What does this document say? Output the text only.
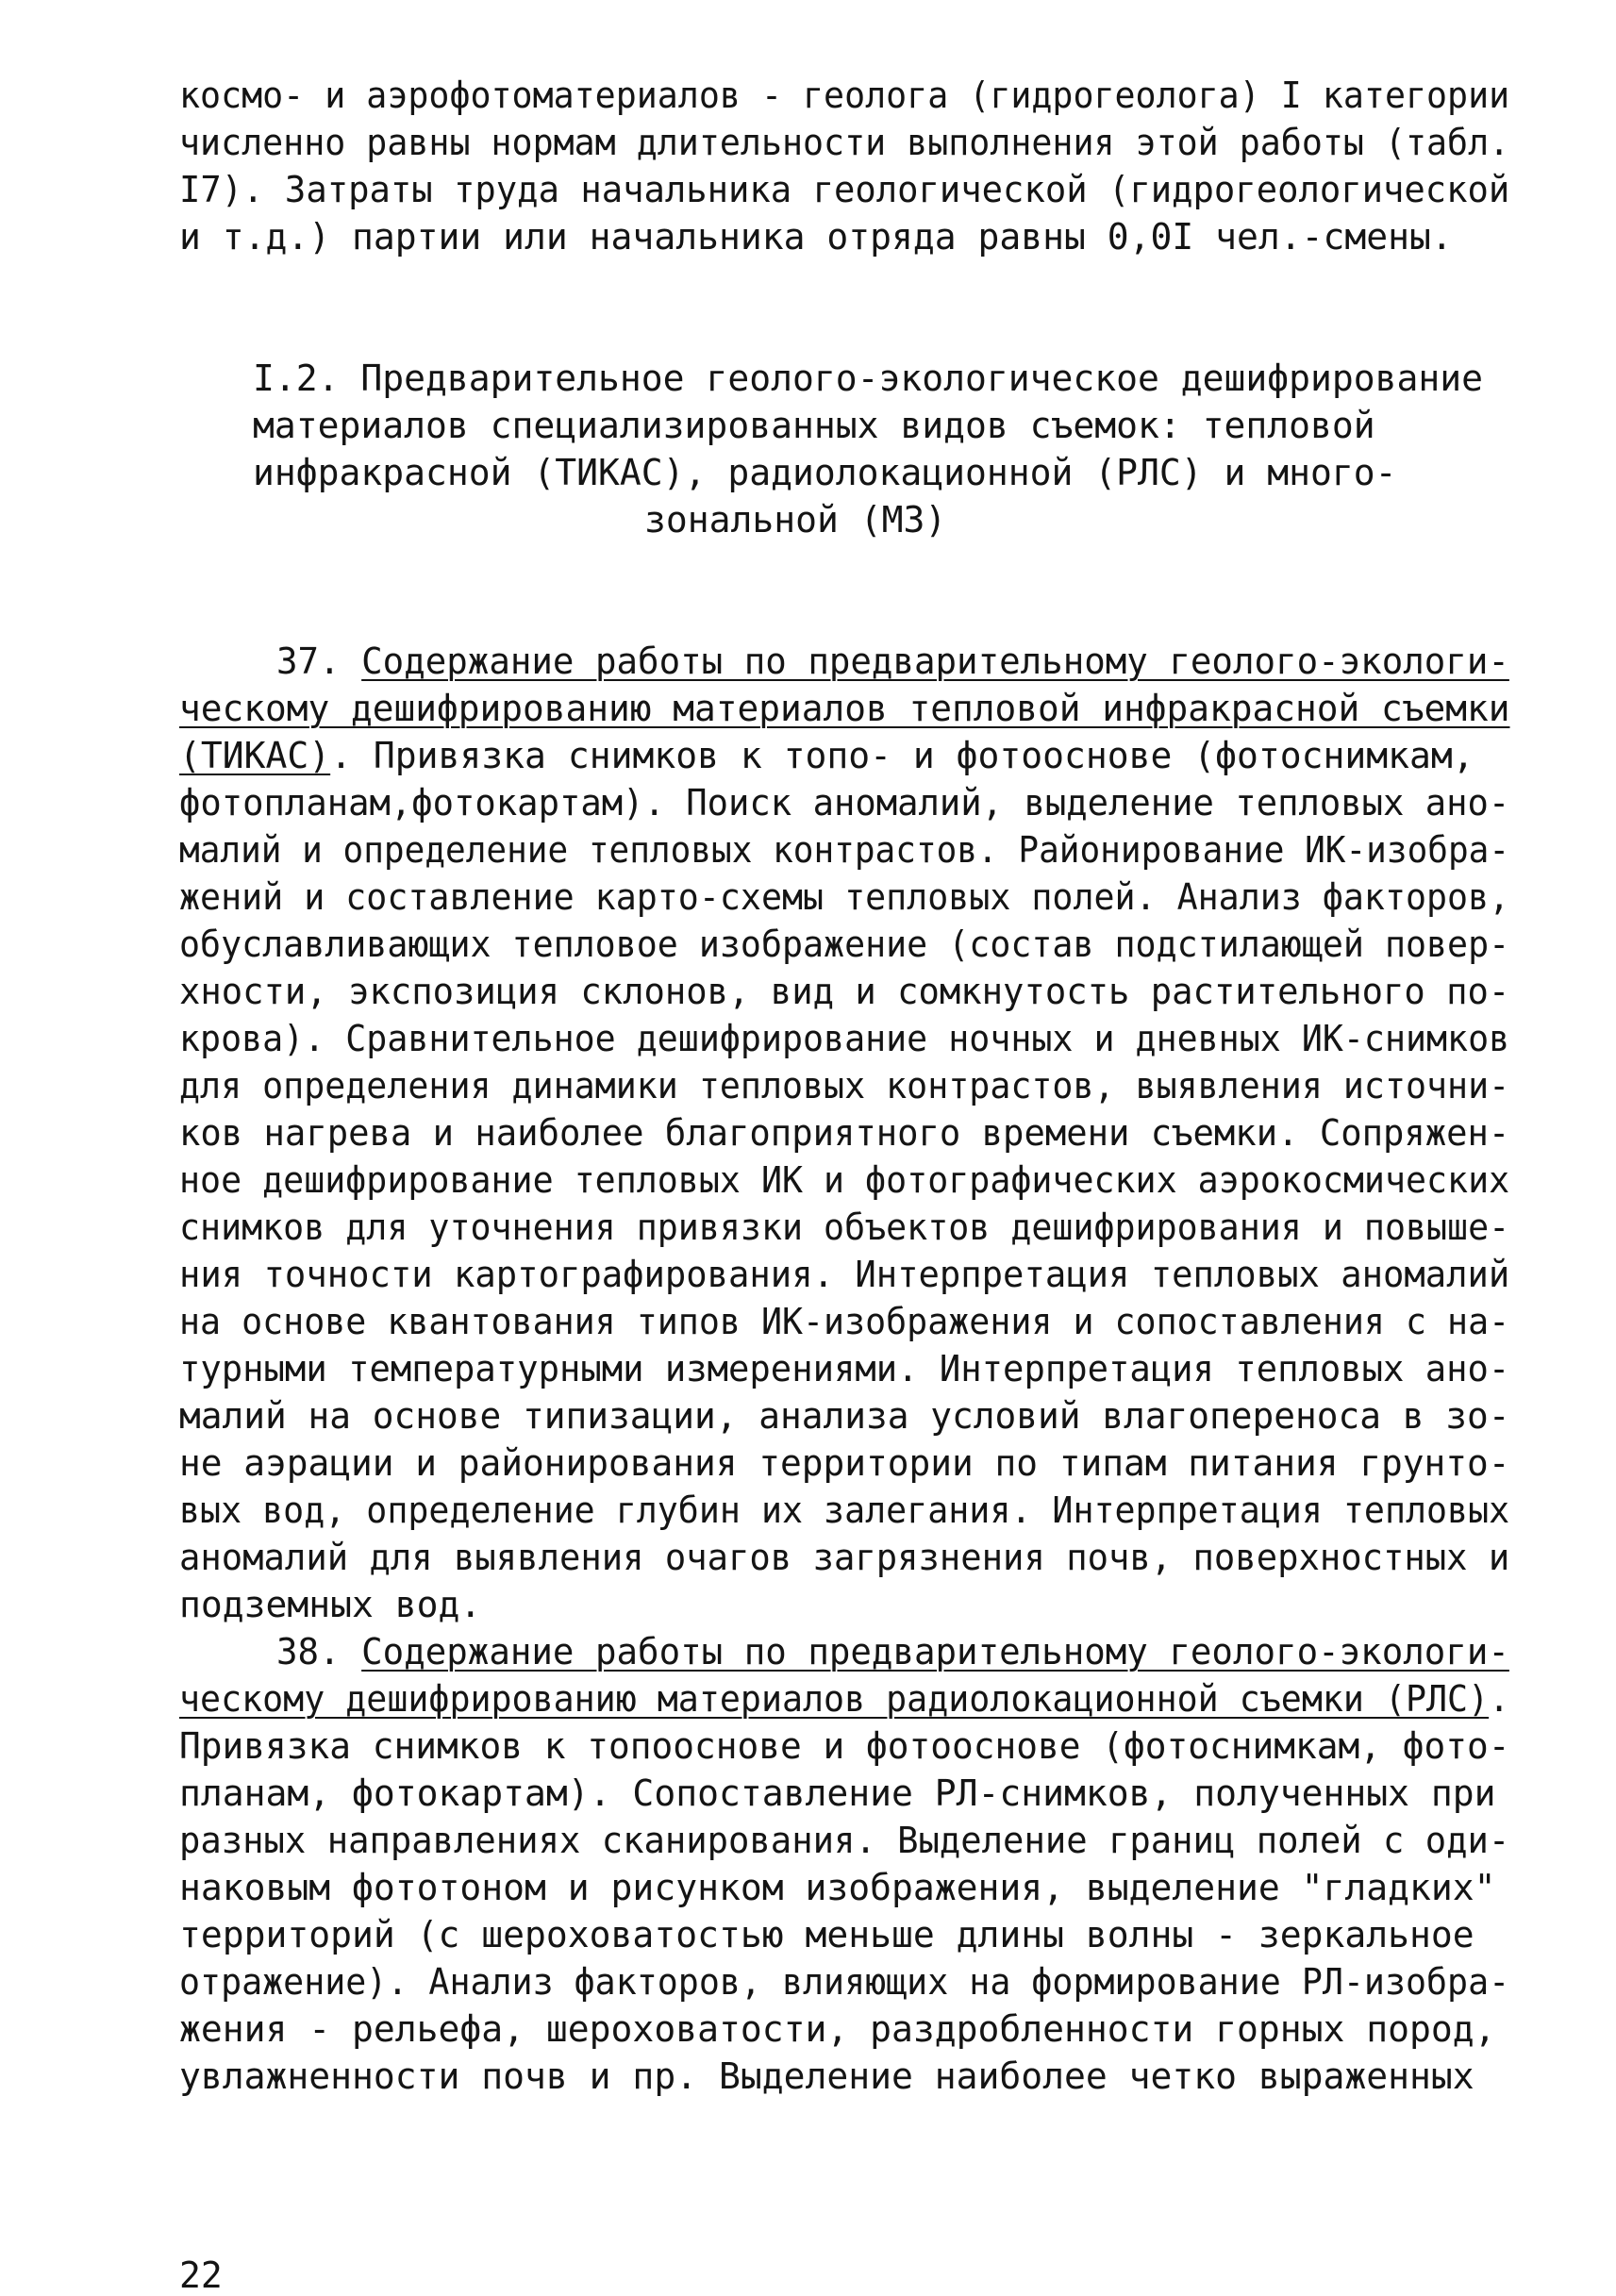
космо- и аэрофотоматериалов - геолога (гидрогеолога) I категории
численно равны нормам длительности выполнения этой работы (табл.
I7). Затраты труда начальника геологической (гидрогеологической
и т.д.) партии или начальника отряда равны 0,0I чел.-смены.
I.2. Предварительное геолого-экологическое дешифрирование
материалов специализированных видов съемок: тепловой
инфракрасной (ТИКАС), радиолокационной (РЛС) и много-
зональной (МЗ)
37. Содержание работы по предварительному геолого-экологи-
ческому дешифрированию материалов тепловой инфракрасной съемки
(ТИКАС). Привязка снимков к топо- и фотооснове (фотоснимкам,
фотопланам,фотокартам). Поиск аномалий, выделение тепловых ано-
малий и определение тепловых контрастов. Районирование ИК-изобра-
жений и составление карто-схемы тепловых полей. Анализ факторов,
обуславливающих тепловое изображение (состав подстилающей повер-
хности, экспозиция склонов, вид и сомкнутость растительного по-
крова). Сравнительное дешифрирование ночных и дневных ИК-снимков
для определения динамики тепловых контрастов, выявления источни-
ков нагрева и наиболее благоприятного времени съемки. Сопряжен-
ное дешифрирование тепловых ИК и фотографических аэрокосмических
снимков для уточнения привязки объектов дешифрирования и повыше-
ния точности картографирования. Интерпретация тепловых аномалий
на основе квантования типов ИК-изображения и сопоставления с на-
турными температурными измерениями. Интерпретация тепловых ано-
малий на основе типизации, анализа условий влагопереноса в зо-
не аэрации и районирования территории по типам питания грунто-
вых вод, определение глубин их залегания. Интерпретация тепловых
аномалий для выявления очагов загрязнения почв, поверхностных и
подземных вод.
38. Содержание работы по предварительному геолого-экологи-
ческому дешифрированию материалов радиолокационной съемки (РЛС).
Привязка снимков к топооснове и фотооснове (фотоснимкам, фото-
планам, фотокартам). Сопоставление РЛ-снимков, полученных при
разных направлениях сканирования. Выделение границ полей с оди-
наковым фототоном и рисунком изображения, выделение "гладких"
территорий (с шероховатостью меньше длины волны - зеркальное
отражение). Анализ факторов, влияющих на формирование РЛ-изобра-
жения - рельефа, шероховатости, раздробленности горных пород,
увлажненности почв и пр. Выделение наиболее четко выраженных
22
